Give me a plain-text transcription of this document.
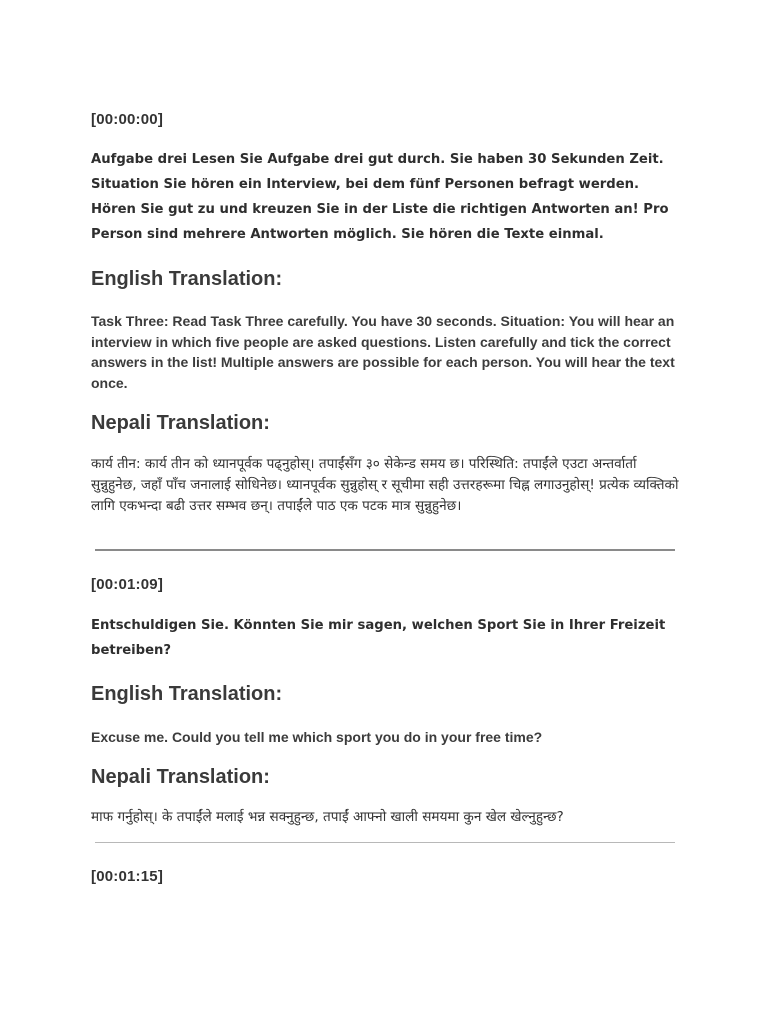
[00:00:00]
Aufgabe drei Lesen Sie Aufgabe drei gut durch. Sie haben 30 Sekunden Zeit. Situation Sie hören ein Interview, bei dem fünf Personen befragt werden. Hören Sie gut zu und kreuzen Sie in der Liste die richtigen Antworten an! Pro Person sind mehrere Antworten möglich. Sie hören die Texte einmal.
English Translation:
Task Three: Read Task Three carefully. You have 30 seconds. Situation: You will hear an interview in which five people are asked questions. Listen carefully and tick the correct answers in the list! Multiple answers are possible for each person. You will hear the text once.
Nepali Translation:
कार्य तीन: कार्य तीन को ध्यानपूर्वक पढ्नुहोस्। तपाईंसँग ३० सेकेन्ड समय छ। परिस्थिति: तपाईंले एउटा अन्तर्वार्ता सुन्नुहुनेछ, जहाँ पाँच जनालाई सोधिनेछ। ध्यानपूर्वक सुन्नुहोस् र सूचीमा सही उत्तरहरूमा चिह्न लगाउनुहोस्! प्रत्येक व्यक्तिको लागि एकभन्दा बढी उत्तर सम्भव छन्। तपाईंले पाठ एक पटक मात्र सुन्नुहुनेछ।
[00:01:09]
Entschuldigen Sie. Könnten Sie mir sagen, welchen Sport Sie in Ihrer Freizeit betreiben?
English Translation:
Excuse me. Could you tell me which sport you do in your free time?
Nepali Translation:
माफ गर्नुहोस्। के तपाईंले मलाई भन्न सक्नुहुन्छ, तपाईं आफ्नो खाली समयमा कुन खेल खेल्नुहुन्छ?
[00:01:15]
